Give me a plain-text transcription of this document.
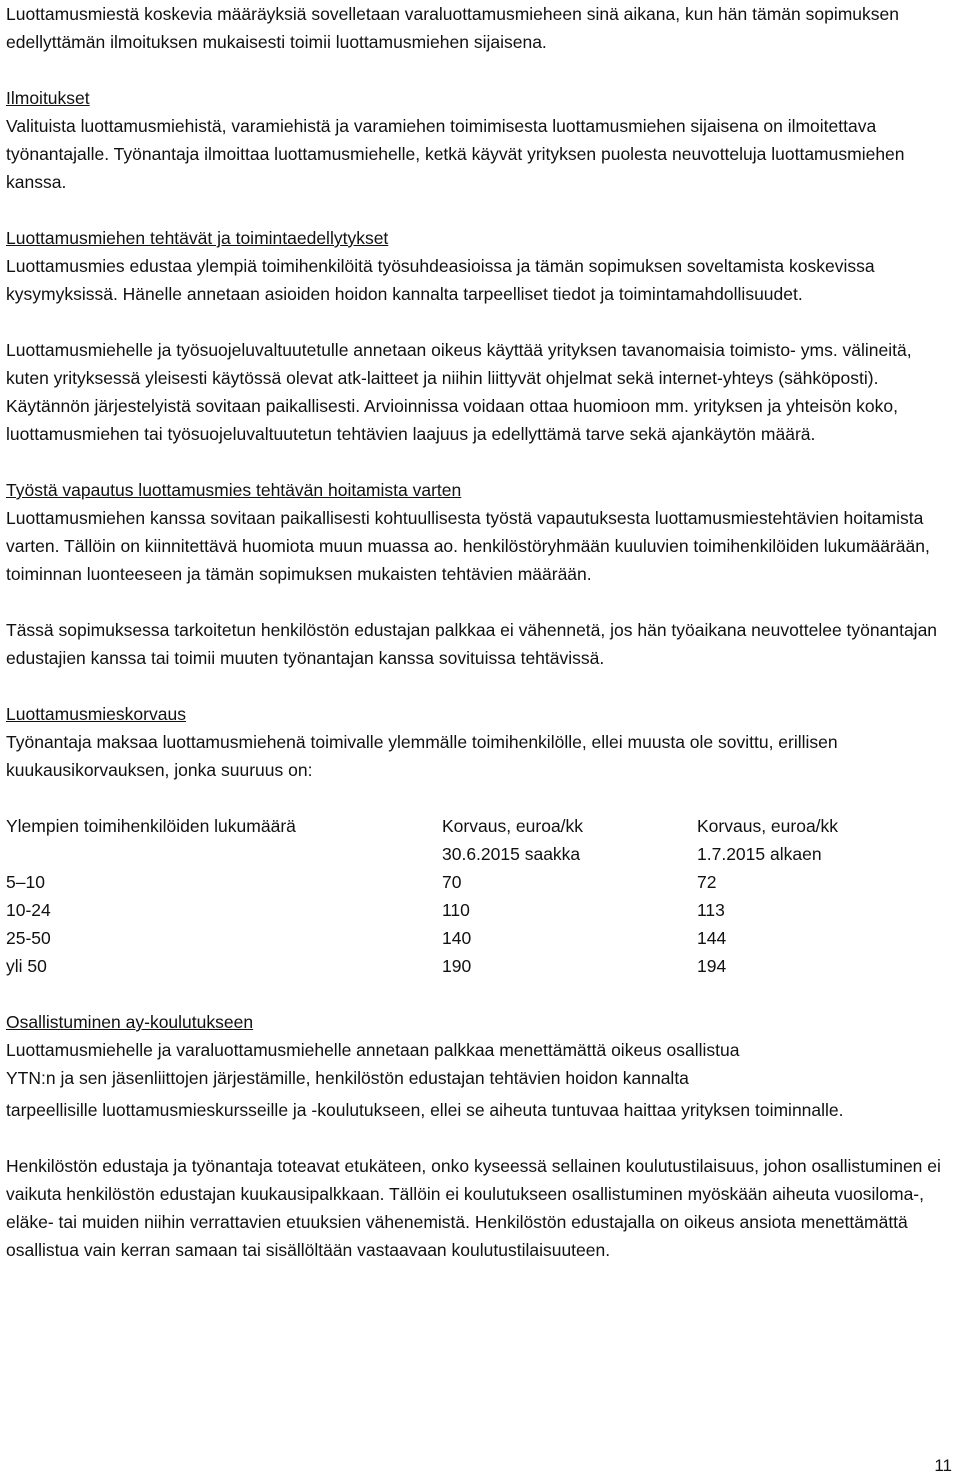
Luottamusmiestä koskevia määräyksiä sovelletaan varaluottamusmieheen sinä aikana, kun hän tämän sopimuksen edellyttämän ilmoituksen mukaisesti toimii luottamusmiehen sijaisena.

Ilmoitukset

Valituista luottamusmiehistä, varamiehistä ja varamiehen toimimisesta luottamusmiehen sijaisena on ilmoitettava työnantajalle. Työnantaja ilmoittaa luottamusmiehelle, ketkä käyvät yrityksen puolesta neuvotteluja luottamusmiehen kanssa.

Luottamusmiehen tehtävät ja toimintaedellytykset

Luottamusmies edustaa ylempiä toimihenkilöitä työsuhdeasioissa ja tämän sopimuksen soveltamista koskevissa kysymyksissä. Hänelle annetaan asioiden hoidon kannalta tarpeelliset tiedot ja toimintamahdollisuudet.

Luottamusmiehelle ja työsuojeluvaltuutetulle annetaan oikeus käyttää yrityksen tavanomaisia toimisto- yms. välineitä, kuten yrityksessä yleisesti käytössä olevat atk-laitteet ja niihin liittyvät ohjelmat sekä internet-yhteys (sähköposti). Käytännön järjestelyistä sovitaan paikallisesti. Arvioinnissa voidaan ottaa huomioon mm. yrityksen ja yhteisön koko, luottamusmiehen tai työsuojeluvaltuutetun tehtävien laajuus ja edellyttämä tarve sekä ajankäytön määrä.

Työstä vapautus luottamusmies tehtävän hoitamista varten

Luottamusmiehen kanssa sovitaan paikallisesti kohtuullisesta työstä vapautuksesta luottamusmiestehtävien hoitamista varten. Tällöin on kiinnitettävä huomiota muun muassa ao. henkilöstöryhmään kuuluvien toimihenkilöiden lukumäärään, toiminnan luonteeseen ja tämän sopimuksen mukaisten tehtävien määrään.

Tässä sopimuksessa tarkoitetun henkilöstön edustajan palkkaa ei vähennetä, jos hän työaikana neuvottelee työnantajan edustajien kanssa tai toimii muuten työnantajan kanssa sovituissa tehtävissä.

Luottamusmieskorvaus

Työnantaja maksaa luottamusmiehenä toimivalle ylemmälle toimihenkilölle, ellei muusta ole sovittu, erillisen kuukausikorvauksen, jonka suuruus on:

Ylempien toimihenkilöiden lukumäärä	Korvaus, euroa/kk	Korvaus, euroa/kk
	30.6.2015 saakka	1.7.2015 alkaen
5–10	70	72
10-24	110	113
25-50	140	144
yli 50	190	194
Osallistuminen ay-koulutukseen
Luottamusmiehelle ja varaluottamusmiehelle annetaan palkkaa menettämättä oikeus osallistua
YTN:n ja sen jäsenliittojen järjestämille, henkilöstön edustajan tehtävien hoidon kannalta

tarpeellisille luottamusmieskursseille ja -koulutukseen, ellei se aiheuta tuntuvaa haittaa yrityksen toiminnalle.

Henkilöstön edustaja ja työnantaja toteavat etukäteen, onko kyseessä sellainen koulutustilaisuus, johon osallistuminen ei vaikuta henkilöstön edustajan kuukausipalkkaan. Tällöin ei koulutukseen osallistuminen myöskään aiheuta vuosiloma-, eläke- tai muiden niihin verrattavien etuuksien vähenemistä. Henkilöstön edustajalla on oikeus ansiota menettämättä osallistua vain kerran samaan tai sisällöltään vastaavaan koulutustilaisuuteen.

11
